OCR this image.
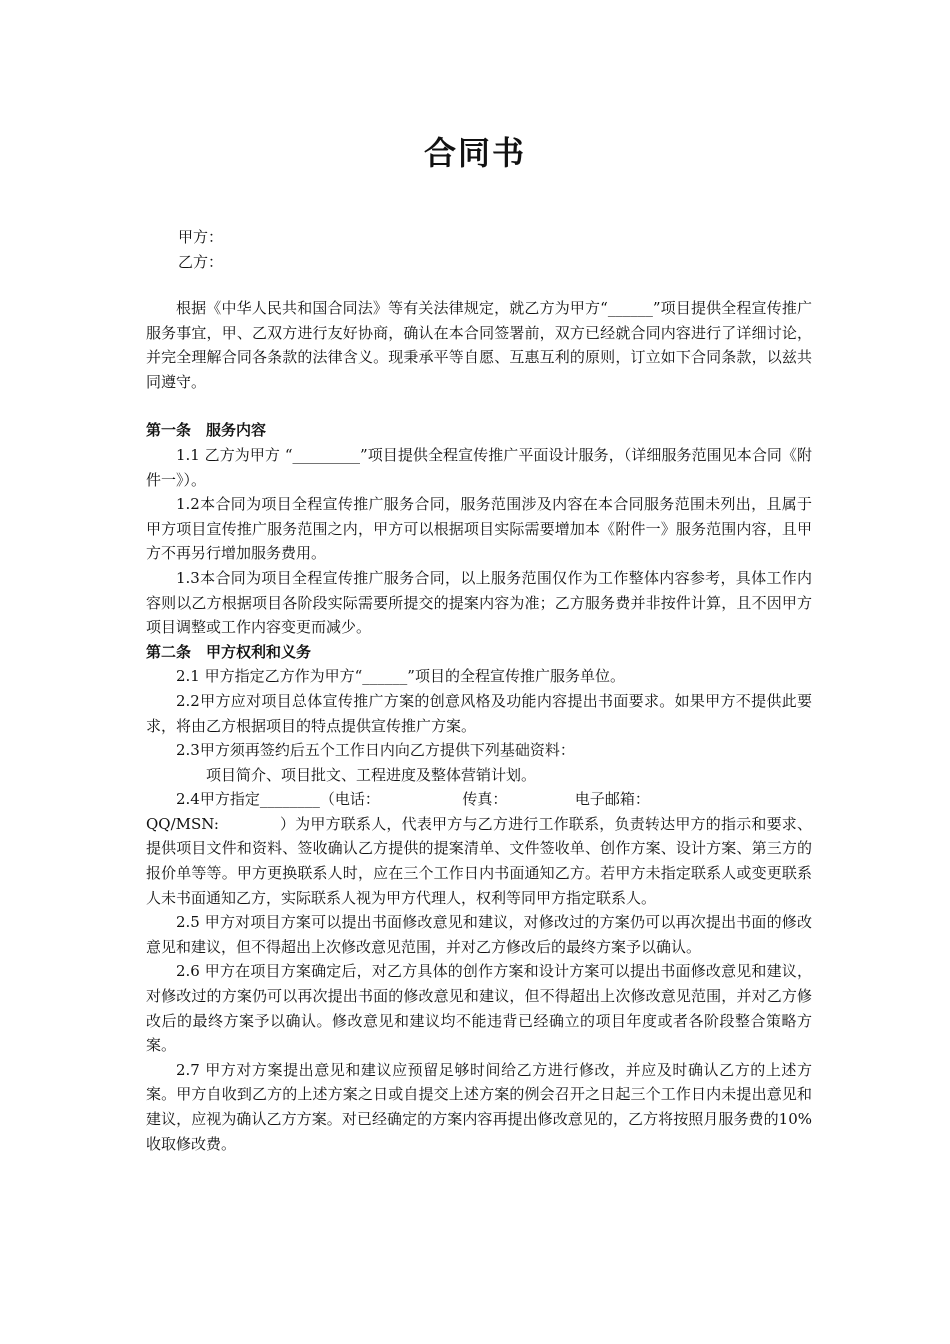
合同书
甲方：
乙方：

根据《中华人民共和国合同法》等有关法律规定，就乙方为甲方“______”项目提供全程宣传推广服务事宜，甲、乙双方进行友好协商，确认在本合同签署前，双方已经就合同内容进行了详细讨论，并完全理解合同各条款的法律含义。现秉承平等自愿、互惠互利的原则，订立如下合同条款，以兹共同遵守。

第一条　服务内容

1.1 乙方为甲方 “_________”项目提供全程宣传推广平面设计服务，（详细服务范围见本合同《附件一》）。

1.2本合同为项目全程宣传推广服务合同，服务范围涉及内容在本合同服务范围未列出，且属于甲方项目宣传推广服务范围之内，甲方可以根据项目实际需要增加本《附件一》服务范围内容，且甲方不再另行增加服务费用。

1.3本合同为项目全程宣传推广服务合同，以上服务范围仅作为工作整体内容参考，具体工作内容则以乙方根据项目各阶段实际需要所提交的提案内容为准；乙方服务费并非按件计算，且不因甲方项目调整或工作内容变更而减少。

第二条　甲方权利和义务

2.1 甲方指定乙方作为甲方“______”项目的全程宣传推广服务单位。

2.2甲方应对项目总体宣传推广方案的创意风格及功能内容提出书面要求。如果甲方不提供此要求，将由乙方根据项目的特点提供宣传推广方案。

2.3甲方须再签约后五个工作日内向乙方提供下列基础资料：

项目简介、项目批文、工程进度及整体营销计划。

2.4甲方指定________（电话：　　　　　　传真：　　　　　电子邮箱：

QQ/MSN:　　　　）为甲方联系人，代表甲方与乙方进行工作联系，负责转达甲方的指示和要求、提供项目文件和资料、签收确认乙方提供的提案清单、文件签收单、创作方案、设计方案、第三方的报价单等等。甲方更换联系人时，应在三个工作日内书面通知乙方。若甲方未指定联系人或变更联系人未书面通知乙方，实际联系人视为甲方代理人，权利等同甲方指定联系人。

2.5 甲方对项目方案可以提出书面修改意见和建议，对修改过的方案仍可以再次提出书面的修改意见和建议，但不得超出上次修改意见范围，并对乙方修改后的最终方案予以确认。

2.6 甲方在项目方案确定后，对乙方具体的创作方案和设计方案可以提出书面修改意见和建议，对修改过的方案仍可以再次提出书面的修改意见和建议，但不得超出上次修改意见范围，并对乙方修改后的最终方案予以确认。修改意见和建议均不能违背已经确立的项目年度或者各阶段整合策略方案。

2.7 甲方对方案提出意见和建议应预留足够时间给乙方进行修改，并应及时确认乙方的上述方案。甲方自收到乙方的上述方案之日或自提交上述方案的例会召开之日起三个工作日内未提出意见和建议，应视为确认乙方方案。对已经确定的方案内容再提出修改意见的，乙方将按照月服务费的10%收取修改费。
